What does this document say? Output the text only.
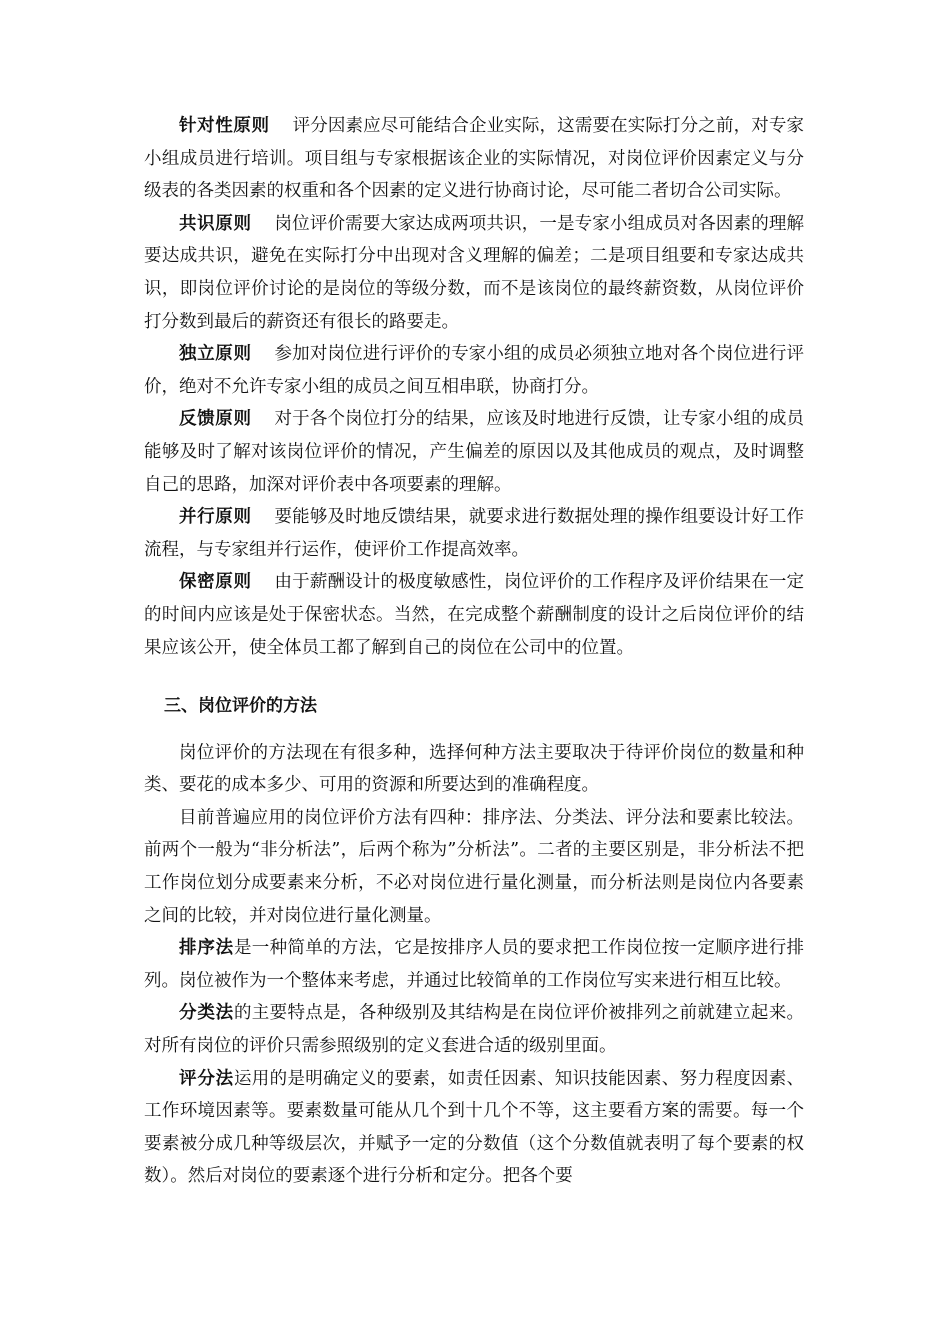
针对性原则 评分因素应尽可能结合企业实际，这需要在实际打分之前，对专家小组成员进行培训。项目组与专家根据该企业的实际情况，对岗位评价因素定义与分级表的各类因素的权重和各个因素的定义进行协商讨论，尽可能二者切合公司实际。

共识原则 岗位评价需要大家达成两项共识，一是专家小组成员对各因素的理解要达成共识，避免在实际打分中出现对含义理解的偏差；二是项目组要和专家达成共识，即岗位评价讨论的是岗位的等级分数，而不是该岗位的最终薪资数，从岗位评价打分数到最后的薪资还有很长的路要走。

独立原则 参加对岗位进行评价的专家小组的成员必须独立地对各个岗位进行评价，绝对不允许专家小组的成员之间互相串联，协商打分。

反馈原则 对于各个岗位打分的结果，应该及时地进行反馈，让专家小组的成员能够及时了解对该岗位评价的情况，产生偏差的原因以及其他成员的观点，及时调整自己的思路，加深对评价表中各项要素的理解。

并行原则 要能够及时地反馈结果，就要求进行数据处理的操作组要设计好工作流程，与专家组并行运作，使评价工作提高效率。

保密原则 由于薪酬设计的极度敏感性，岗位评价的工作程序及评价结果在一定的时间内应该是处于保密状态。当然，在完成整个薪酬制度的设计之后岗位评价的结果应该公开，使全体员工都了解到自己的岗位在公司中的位置。

三、岗位评价的方法

岗位评价的方法现在有很多种，选择何种方法主要取决于待评价岗位的数量和种类、要花的成本多少、可用的资源和所要达到的准确程度。

目前普遍应用的岗位评价方法有四种：排序法、分类法、评分法和要素比较法。前两个一般为“非分析法”，后两个称为”分析法”。二者的主要区别是，非分析法不把工作岗位划分成要素来分析，不必对岗位进行量化测量，而分析法则是岗位内各要素之间的比较，并对岗位进行量化测量。

排序法是一种简单的方法，它是按排序人员的要求把工作岗位按一定顺序进行排列。岗位被作为一个整体来考虑，并通过比较简单的工作岗位写实来进行相互比较。

分类法的主要特点是，各种级别及其结构是在岗位评价被排列之前就建立起来。对所有岗位的评价只需参照级别的定义套进合适的级别里面。

评分法运用的是明确定义的要素，如责任因素、知识技能因素、努力程度因素、工作环境因素等。要素数量可能从几个到十几个不等，这主要看方案的需要。每一个要素被分成几种等级层次，并赋予一定的分数值（这个分数值就表明了每个要素的权数）。然后对岗位的要素逐个进行分析和定分。把各个要
